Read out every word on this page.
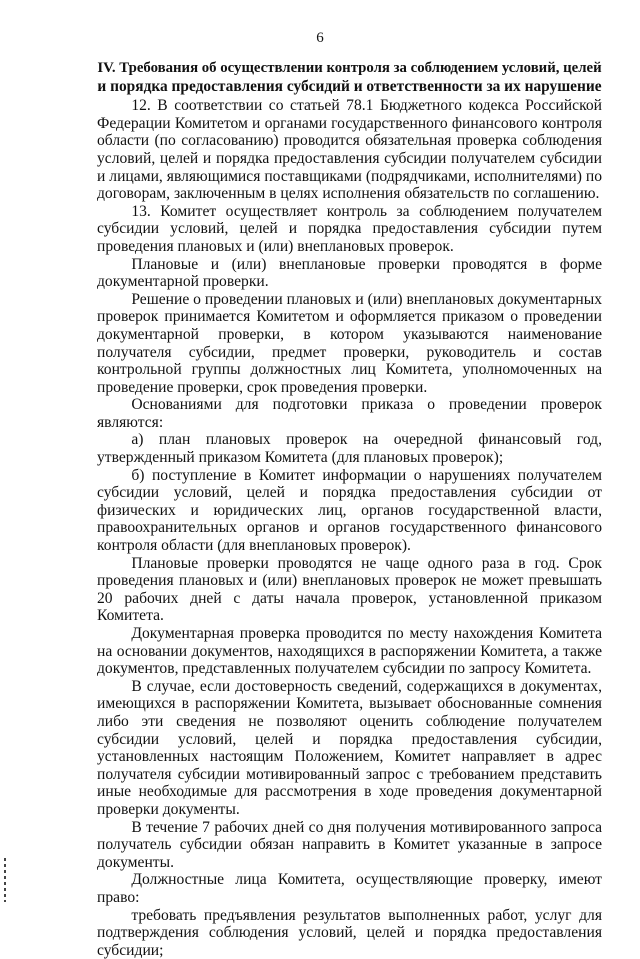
6
IV. Требования об осуществлении контроля за соблюдением условий, целей
и порядка предоставления субсидий и ответственности за их нарушение

12. В соответствии со статьей 78.1 Бюджетного кодекса Российской Федерации Комитетом и органами государственного финансового контроля области (по согласованию) проводится обязательная проверка соблюдения условий, целей и порядка предоставления субсидии получателем субсидии и лицами, являющимися поставщиками (подрядчиками, исполнителями) по договорам, заключенным в целях исполнения обязательств по соглашению.

13. Комитет осуществляет контроль за соблюдением получателем субсидии условий, целей и порядка предоставления субсидии путем проведения плановых и (или) внеплановых проверок.

Плановые и (или) внеплановые проверки проводятся в форме документарной проверки.

Решение о проведении плановых и (или) внеплановых документарных проверок принимается Комитетом и оформляется приказом о проведении документарной проверки, в котором указываются наименование получателя субсидии, предмет проверки, руководитель и состав контрольной группы должностных лиц Комитета, уполномоченных на проведение проверки, срок проведения проверки.

Основаниями для подготовки приказа о проведении проверок являются:

а) план плановых проверок на очередной финансовый год, утвержденный приказом Комитета (для плановых проверок);

б) поступление в Комитет информации о нарушениях получателем субсидии условий, целей и порядка предоставления субсидии от физических и юридических лиц, органов государственной власти, правоохранительных органов и органов государственного финансового контроля области (для внеплановых проверок).

Плановые проверки проводятся не чаще одного раза в год. Срок проведения плановых и (или) внеплановых проверок не может превышать 20 рабочих дней с даты начала проверок, установленной приказом Комитета.

Документарная проверка проводится по месту нахождения Комитета на основании документов, находящихся в распоряжении Комитета, а также документов, представленных получателем субсидии по запросу Комитета.

В случае, если достоверность сведений, содержащихся в документах, имеющихся в распоряжении Комитета, вызывает обоснованные сомнения либо эти сведения не позволяют оценить соблюдение получателем субсидии условий, целей и порядка предоставления субсидии, установленных настоящим Положением, Комитет направляет в адрес получателя субсидии мотивированный запрос с требованием представить иные необходимые для рассмотрения в ходе проведения документарной проверки документы.

В течение 7 рабочих дней со дня получения мотивированного запроса получатель субсидии обязан направить в Комитет указанные в запросе документы.

Должностные лица Комитета, осуществляющие проверку, имеют право:

требовать предъявления результатов выполненных работ, услуг для подтверждения соблюдения условий, целей и порядка предоставления субсидии;
